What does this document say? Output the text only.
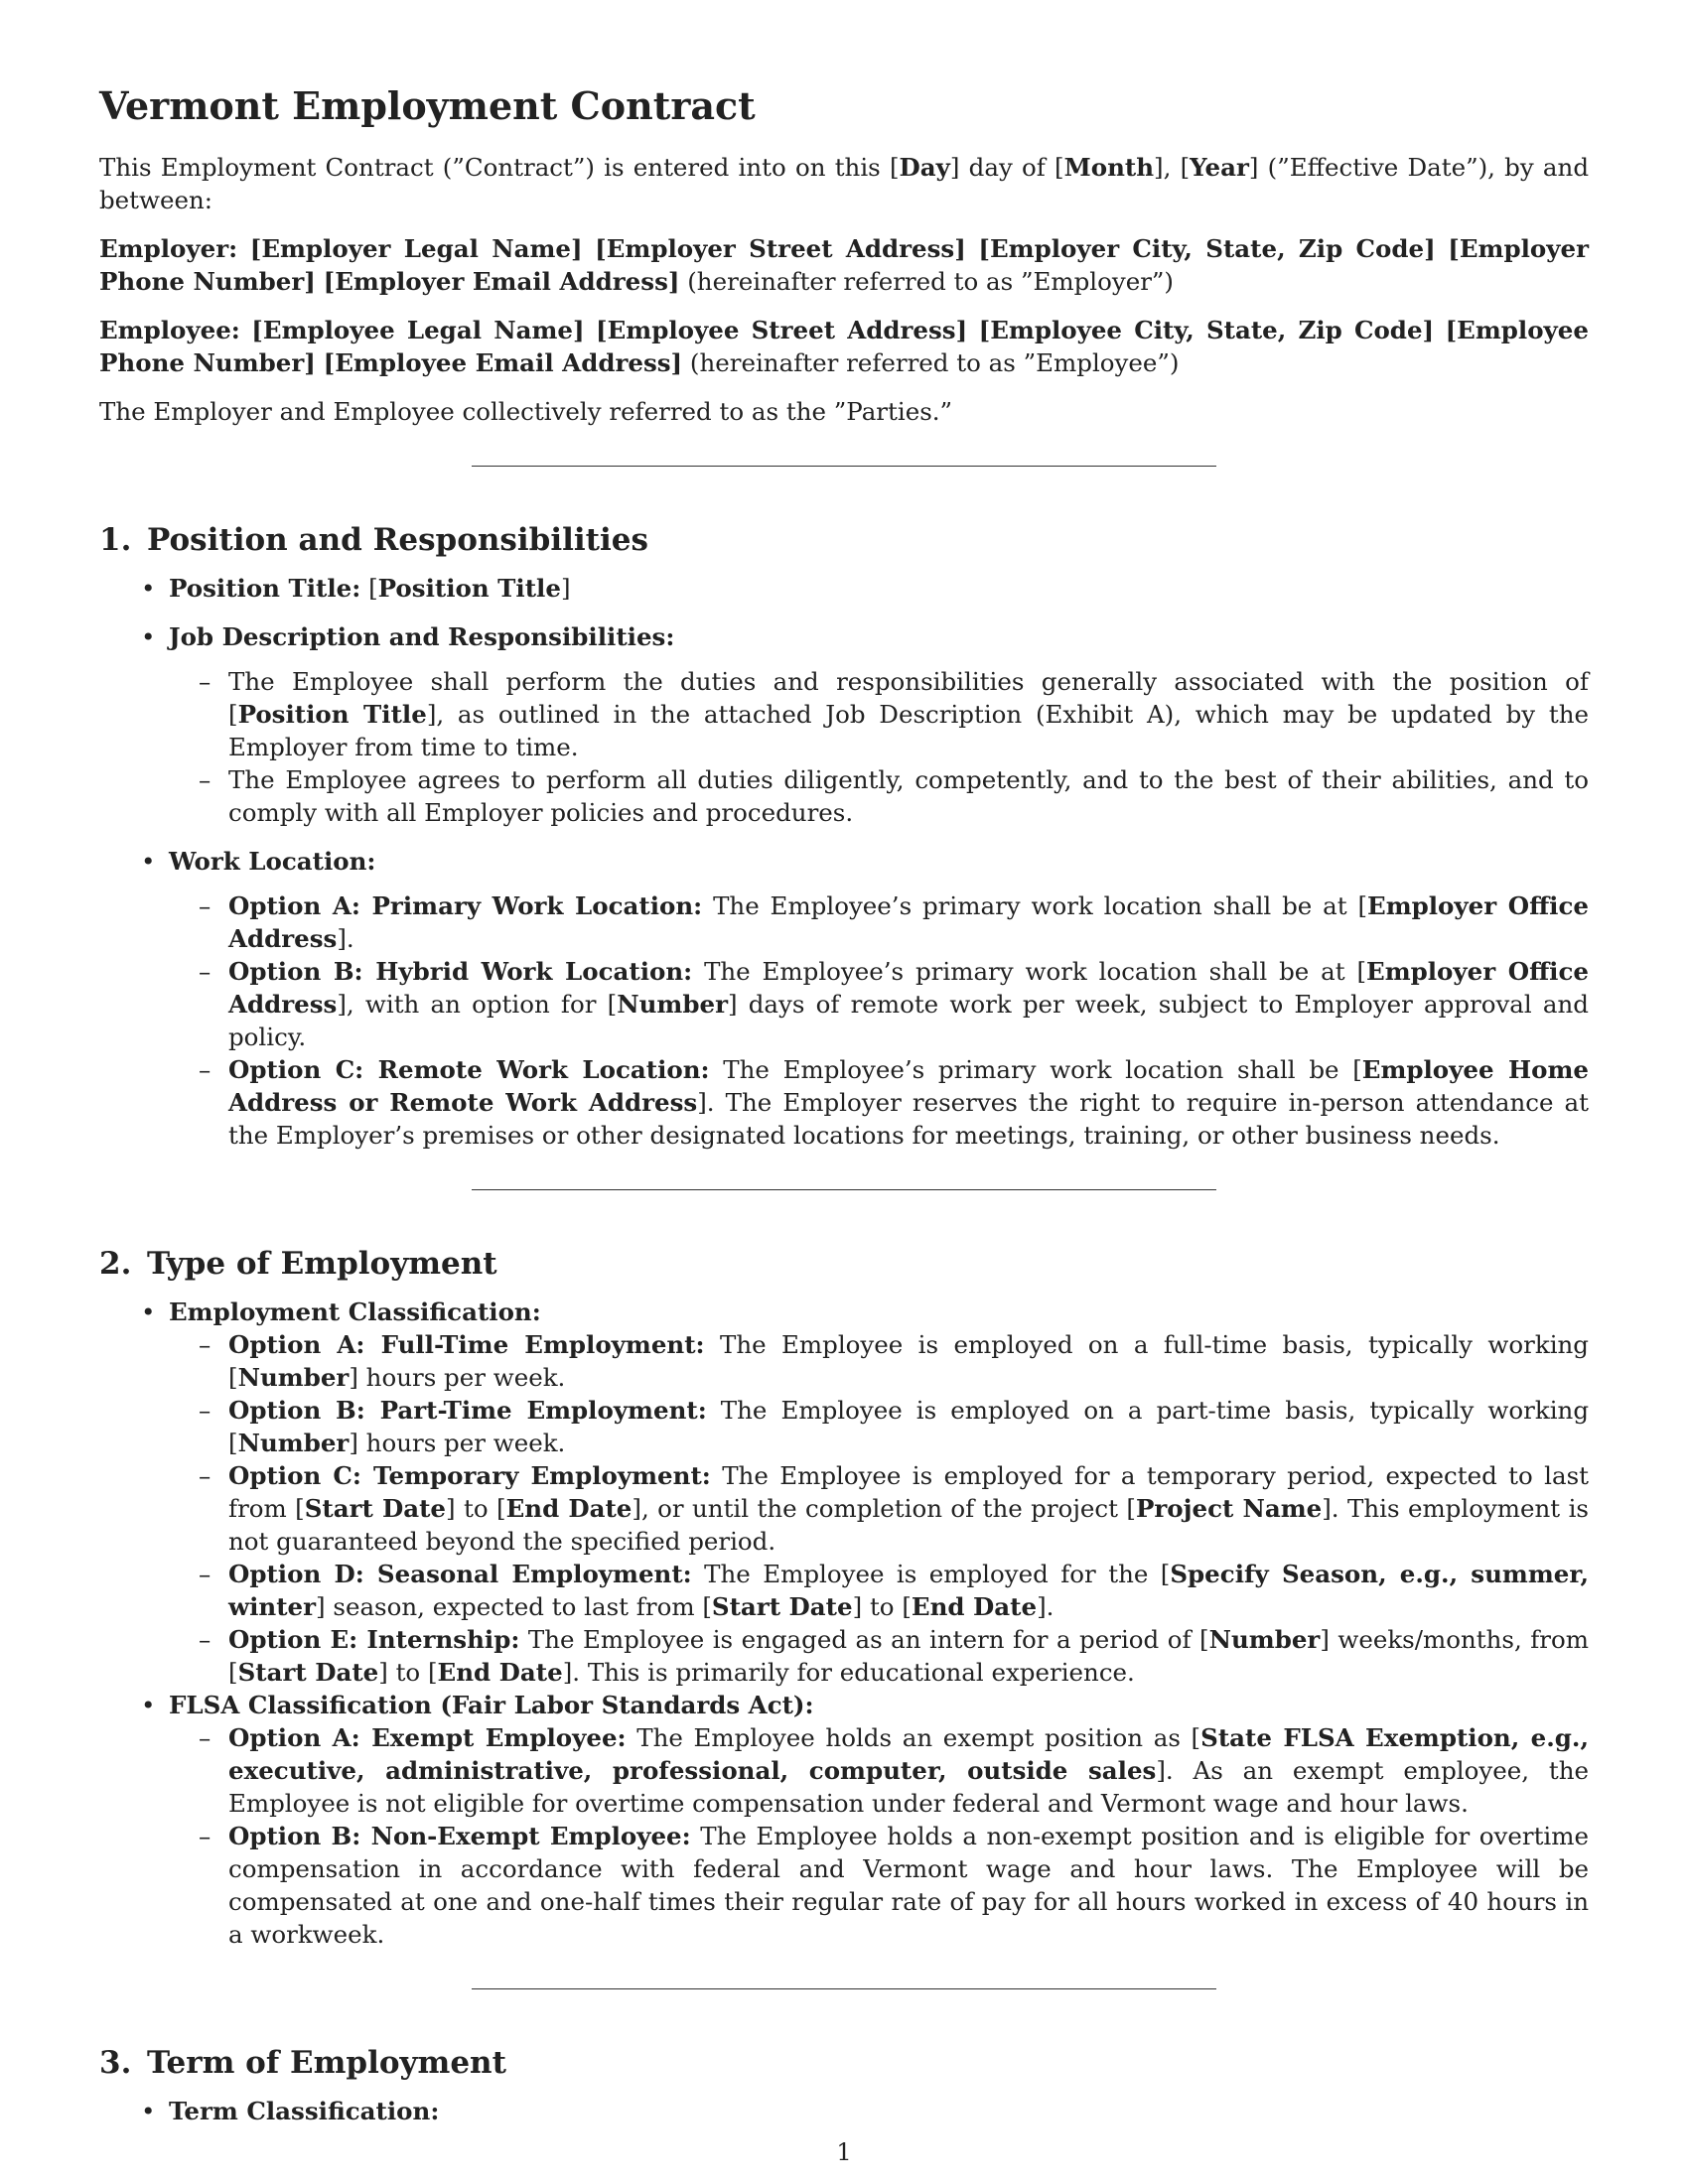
Vermont Employment Contract

This Employment Contract (”Contract”) is entered into on this [Day] day of [Month], [Year] (”Effective Date”), by and between:

Employer: [Employer Legal Name] [Employer Street Address] [Employer City, State, Zip Code] [Employer Phone Number] [Employer Email Address] (hereinafter referred to as ”Employer”)

Employee: [Employee Legal Name] [Employee Street Address] [Employee City, State, Zip Code] [Employee Phone Number] [Employee Email Address] (hereinafter referred to as ”Employee”)

The Employer and Employee collectively referred to as the ”Parties.”

1. Position and Responsibilities
• Position Title: [Position Title]
• Job Description and Responsibilities:
– The Employee shall perform the duties and responsibilities generally associated with the position of [Position Title], as outlined in the attached Job Description (Exhibit A), which may be updated by the Employer from time to time.
– The Employee agrees to perform all duties diligently, competently, and to the best of their abilities, and to comply with all Employer policies and procedures.
• Work Location:
– Option A: Primary Work Location: The Employee’s primary work location shall be at [Employer Office Address].
– Option B: Hybrid Work Location: The Employee’s primary work location shall be at [Employer Office Address], with an option for [Number] days of remote work per week, subject to Employer approval and policy.
– Option C: Remote Work Location: The Employee’s primary work location shall be [Employee Home Address or Remote Work Address]. The Employer reserves the right to require in-person attendance at the Employer’s premises or other designated locations for meetings, training, or other business needs.
2. Type of Employment
• Employment Classification:
– Option A: Full-Time Employment: The Employee is employed on a full-time basis, typically working [Number] hours per week.
– Option B: Part-Time Employment: The Employee is employed on a part-time basis, typically working [Number] hours per week.
– Option C: Temporary Employment: The Employee is employed for a temporary period, expected to last from [Start Date] to [End Date], or until the completion of the project [Project Name]. This employment is not guaranteed beyond the specified period.
– Option D: Seasonal Employment: The Employee is employed for the [Specify Season, e.g., summer, winter] season, expected to last from [Start Date] to [End Date].
– Option E: Internship: The Employee is engaged as an intern for a period of [Number] weeks/months, from [Start Date] to [End Date]. This is primarily for educational experience.
• FLSA Classification (Fair Labor Standards Act):
– Option A: Exempt Employee: The Employee holds an exempt position as [State FLSA Exemption, e.g., executive, administrative, professional, computer, outside sales]. As an exempt employee, the Employee is not eligible for overtime compensation under federal and Vermont wage and hour laws.
– Option B: Non-Exempt Employee: The Employee holds a non-exempt position and is eligible for overtime compensation in accordance with federal and Vermont wage and hour laws. The Employee will be compensated at one and one-half times their regular rate of pay for all hours worked in excess of 40 hours in a workweek.
3. Term of Employment
• Term Classification:
1
